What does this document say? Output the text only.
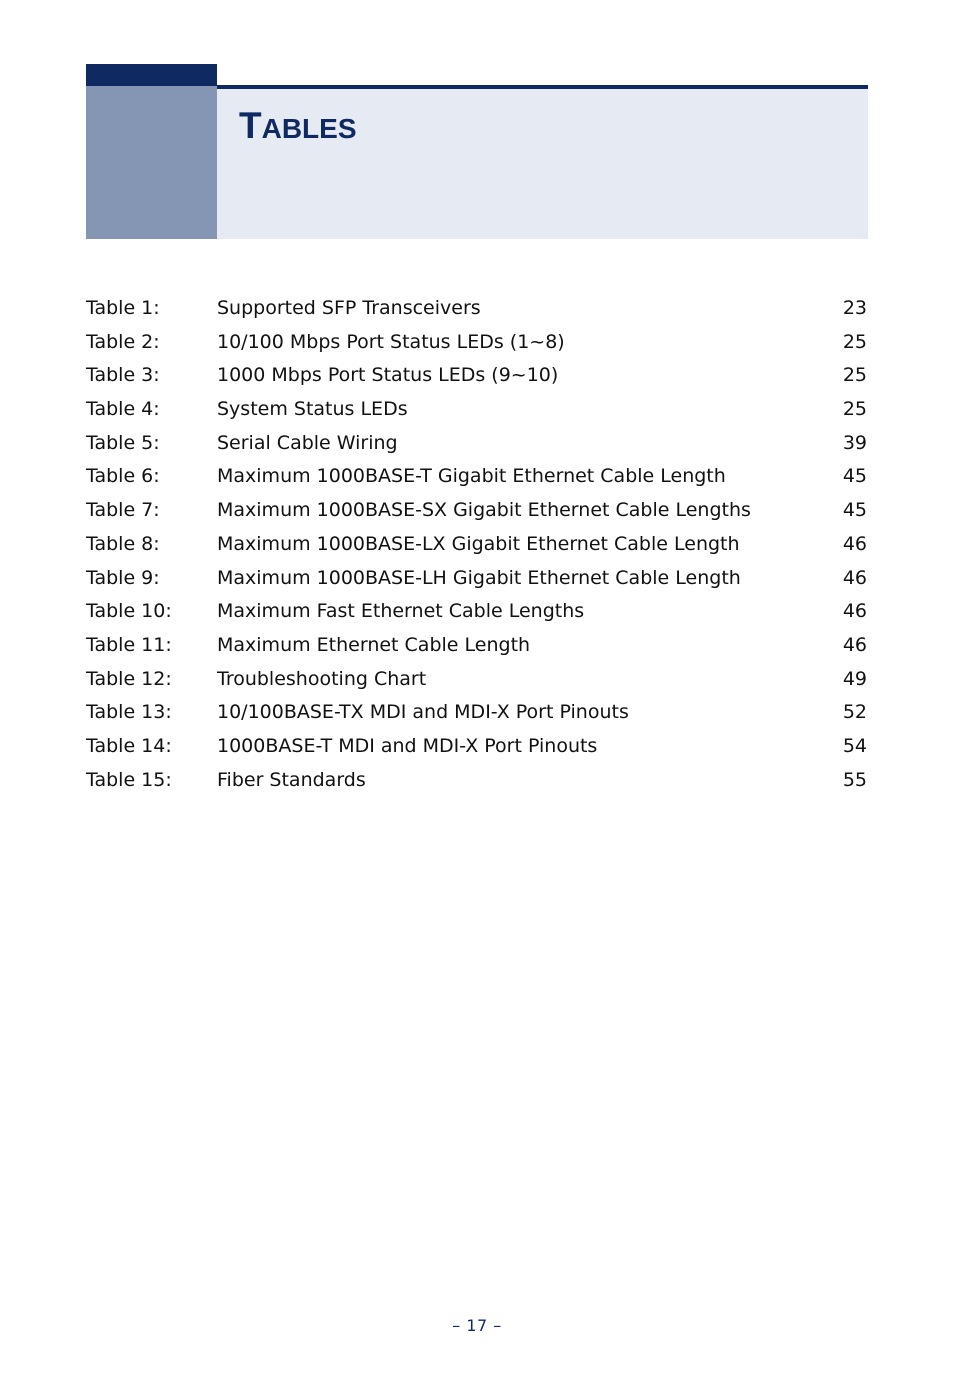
TABLES
Table 1:	Supported SFP Transceivers	23
Table 2:	10/100 Mbps Port Status LEDs (1~8)	25
Table 3:	1000 Mbps Port Status LEDs (9~10)	25
Table 4:	System Status LEDs	25
Table 5:	Serial Cable Wiring	39
Table 6:	Maximum 1000BASE-T Gigabit Ethernet Cable Length	45
Table 7:	Maximum 1000BASE-SX Gigabit Ethernet Cable Lengths	45
Table 8:	Maximum 1000BASE-LX Gigabit Ethernet Cable Length	46
Table 9:	Maximum 1000BASE-LH Gigabit Ethernet Cable Length	46
Table 10: Maximum Fast Ethernet Cable Lengths	46
Table 11: Maximum Ethernet Cable Length	46
Table 12: Troubleshooting Chart	49
Table 13: 10/100BASE-TX MDI and MDI-X Port Pinouts	52
Table 14: 1000BASE-T MDI and MDI-X Port Pinouts	54
Table 15: Fiber Standards	55
– 17 –
